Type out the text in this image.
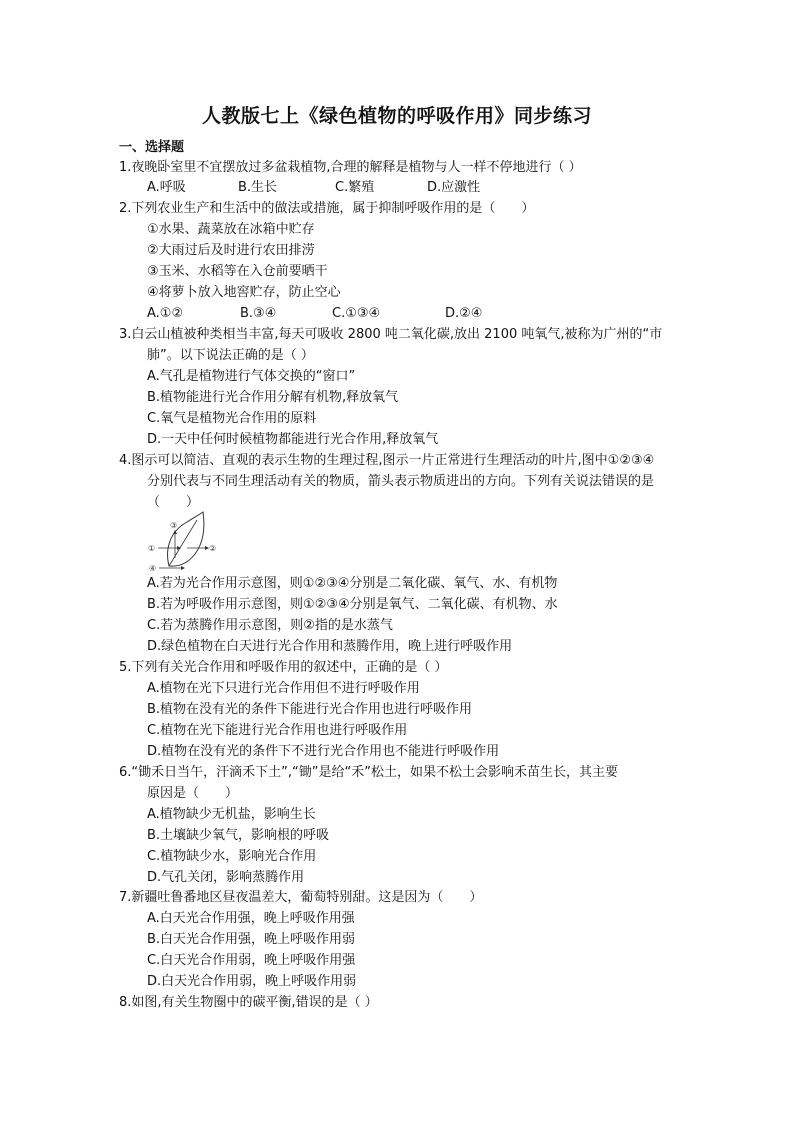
人教版七上《绿色植物的呼吸作用》同步练习
一、选择题
1.夜晚卧室里不宜摆放过多盆栽植物,合理的解释是植物与人一样不停地进行（ ）
A.呼吸	B.生长	C.繁殖	D.应激性
2.下列农业生产和生活中的做法或措施，属于抑制呼吸作用的是（　　）
①水果、蔬菜放在冰箱中贮存
②大雨过后及时进行农田排涝
③玉米、水稻等在入仓前要晒干
④将萝卜放入地窖贮存，防止空心
A.①②	B.③④	C.①③④	D.②④
3.白云山植被种类相当丰富,每天可吸收 2800 吨二氧化碳,放出 2100 吨氧气,被称为广州的“市
肺”。以下说法正确的是（ ）
A.气孔是植物进行气体交换的“窗口”
B.植物能进行光合作用分解有机物,释放氧气
C.氧气是植物光合作用的原料
D.一天中任何时候植物都能进行光合作用,释放氧气
4.图示可以简洁、直观的表示生物的生理过程,图示一片正常进行生理活动的叶片,图中①②③④
分别代表与不同生理活动有关的物质，箭头表示物质进出的方向。下列有关说法错误的是
（　　）
①	②
③
④
A.若为光合作用示意图，则①②③④分别是二氧化碳、氧气、水、有机物
B.若为呼吸作用示意图，则①②③④分别是氧气、二氧化碳、有机物、水
C.若为蒸腾作用示意图，则②指的是水蒸气
D.绿色植物在白天进行光合作用和蒸腾作用，晚上进行呼吸作用
5.下列有关光合作用和呼吸作用的叙述中，正确的是（ ）
A.植物在光下只进行光合作用但不进行呼吸作用
B.植物在没有光的条件下能进行光合作用也进行呼吸作用
C.植物在光下能进行光合作用也进行呼吸作用
D.植物在没有光的条件下不进行光合作用也不能进行呼吸作用
6.“锄禾日当午，汗滴禾下土”,“锄”是给“禾”松土，如果不松土会影响禾苗生长，其主要
原因是（　　）
A.植物缺少无机盐，影响生长
B.土壤缺少氧气，影响根的呼吸
C.植物缺少水，影响光合作用
D.气孔关闭，影响蒸腾作用
7.新疆吐鲁番地区昼夜温差大，葡萄特别甜。这是因为（　　）
A.白天光合作用强，晚上呼吸作用强
B.白天光合作用强，晚上呼吸作用弱
C.白天光合作用弱，晚上呼吸作用强
D.白天光合作用弱，晚上呼吸作用弱
8.如图,有关生物圈中的碳平衡,错误的是（ ）
